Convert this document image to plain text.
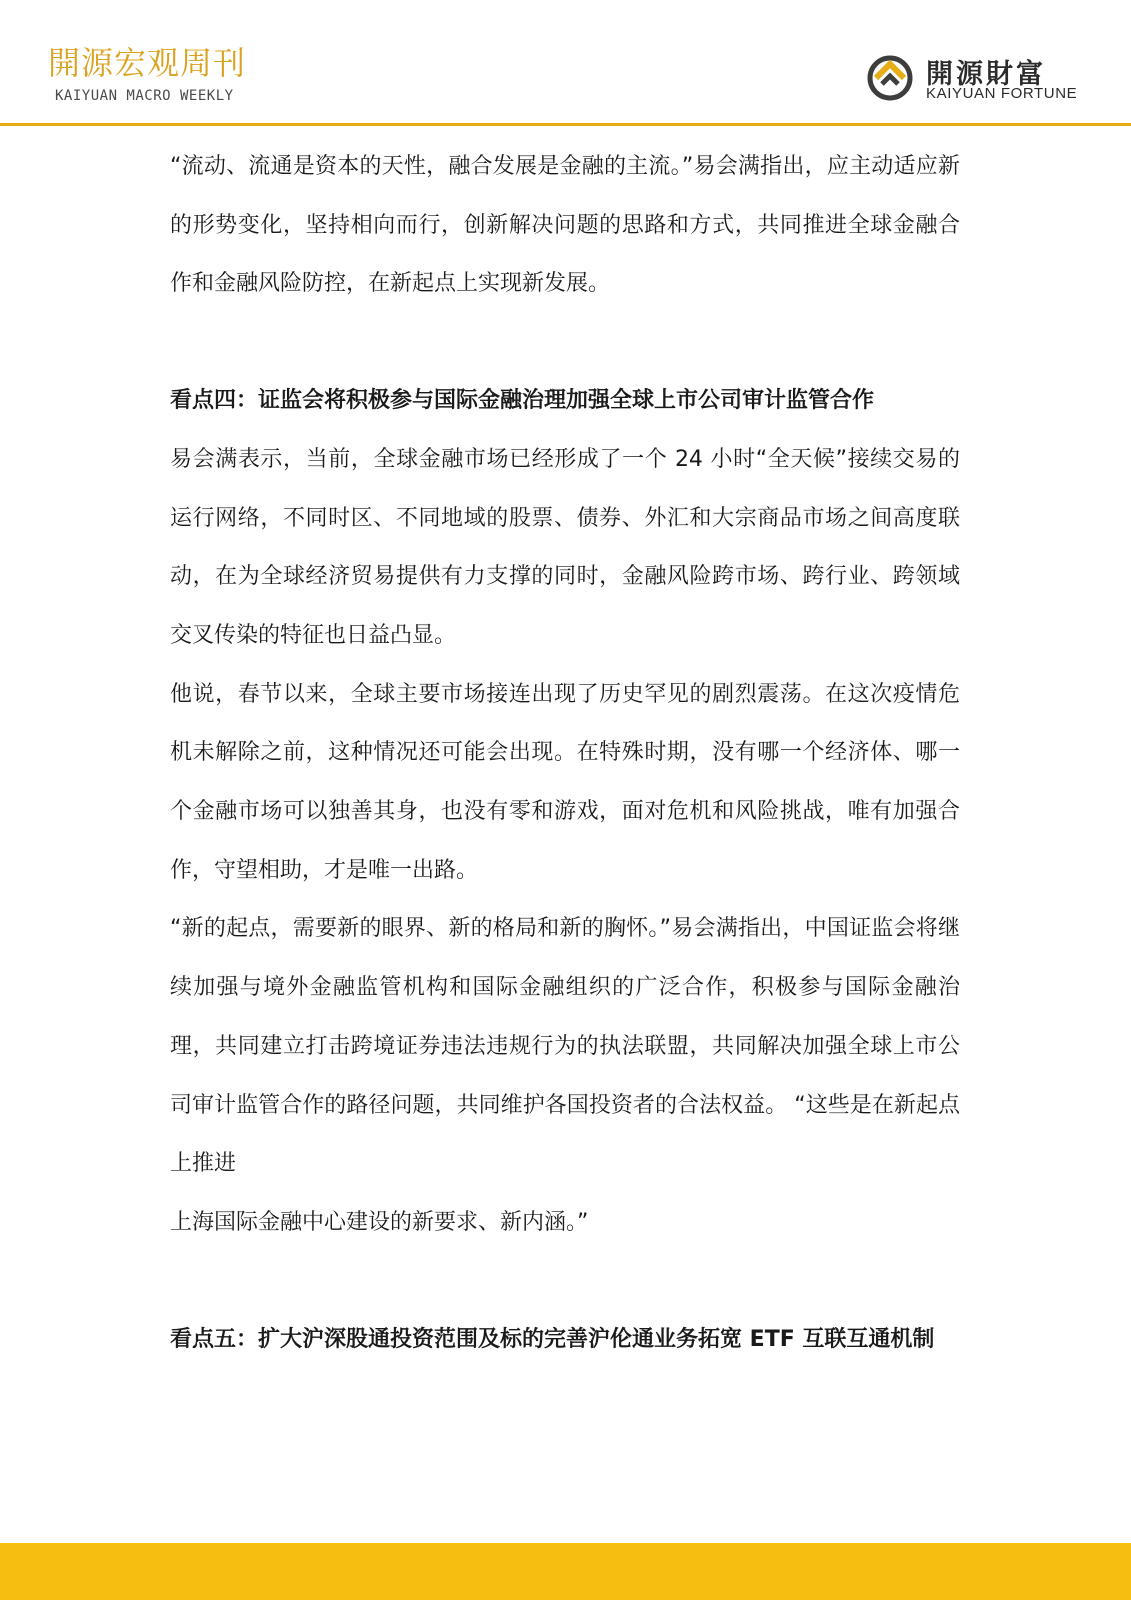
開源宏观周刊
KAIYUAN MACRO WEEKLY
開源財富
KAIYUAN FORTUNE

“流动、流通是资本的天性，融合发展是金融的主流。”易会满指出，应主动适应新的形势变化，坚持相向而行，创新解决问题的思路和方式，共同推进全球金融合作和金融风险防控，在新起点上实现新发展。

看点四：证监会将积极参与国际金融治理加强全球上市公司审计监管合作

易会满表示，当前，全球金融市场已经形成了一个 24 小时“全天候”接续交易的运行网络，不同时区、不同地域的股票、债券、外汇和大宗商品市场之间高度联动，在为全球经济贸易提供有力支撑的同时，金融风险跨市场、跨行业、跨领域交叉传染的特征也日益凸显。

他说，春节以来，全球主要市场接连出现了历史罕见的剧烈震荡。在这次疫情危机未解除之前，这种情况还可能会出现。在特殊时期，没有哪一个经济体、哪一个金融市场可以独善其身，也没有零和游戏，面对危机和风险挑战，唯有加强合作，守望相助，才是唯一出路。

“新的起点，需要新的眼界、新的格局和新的胸怀。”易会满指出，中国证监会将继续加强与境外金融监管机构和国际金融组织的广泛合作，积极参与国际金融治理，共同建立打击跨境证券违法违规行为的执法联盟，共同解决加强全球上市公司审计监管合作的路径问题，共同维护各国投资者的合法权益。 “这些是在新起点上推进

上海国际金融中心建设的新要求、新内涵。”

看点五：扩大沪深股通投资范围及标的完善沪伦通业务拓宽 ETF 互联互通机制
